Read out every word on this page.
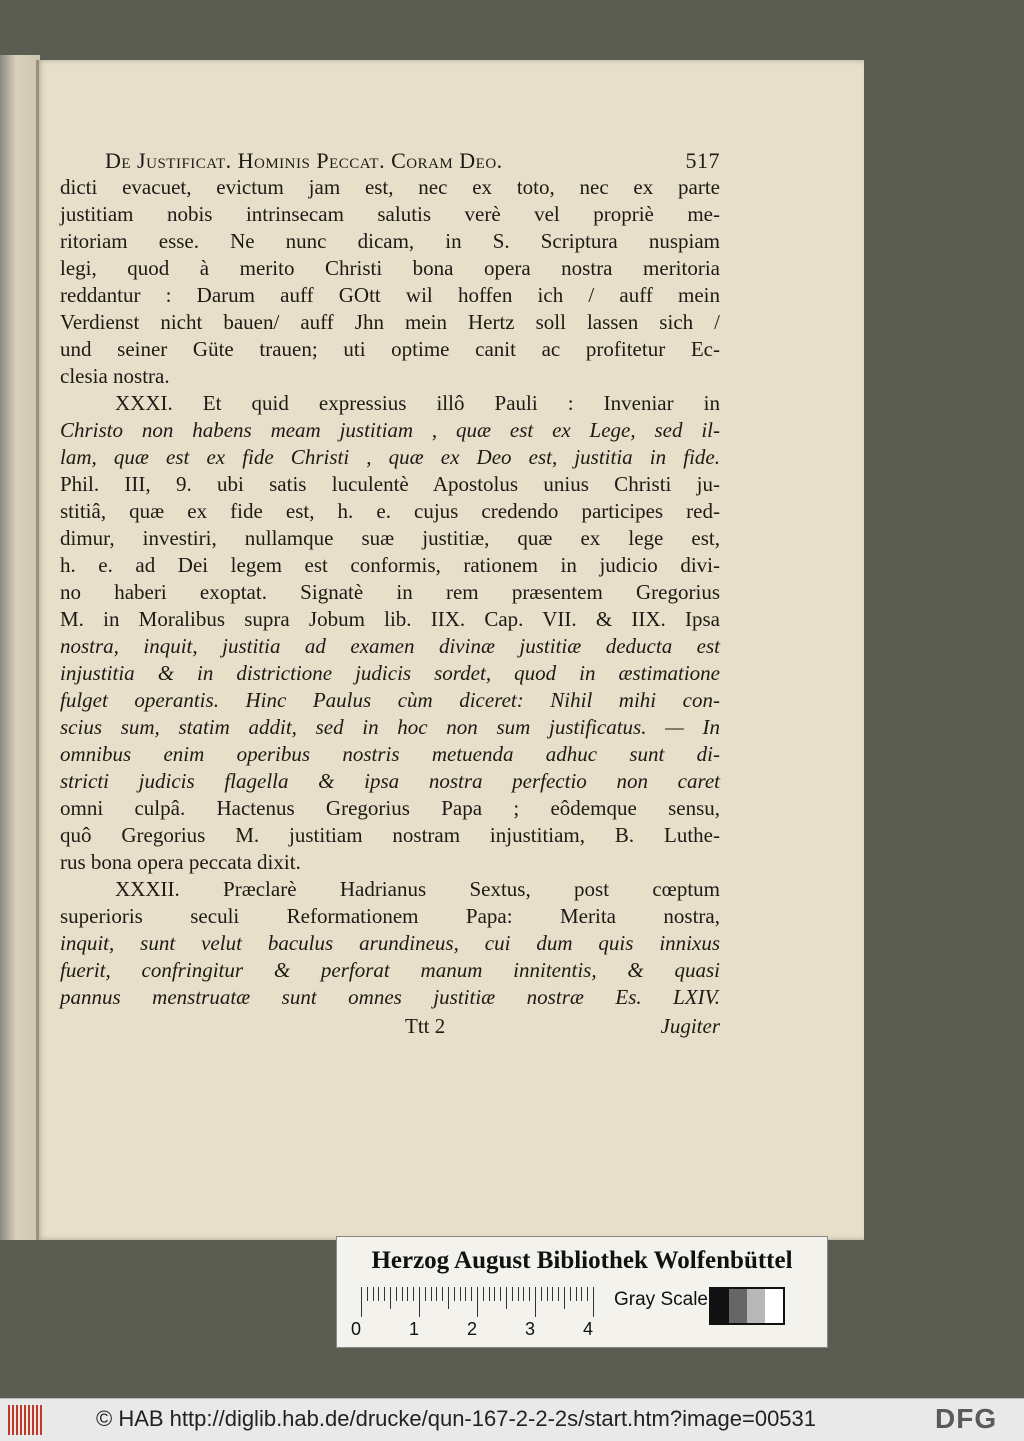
De Justificat. Hominis Peccat. Coram Deo.	517
dicti evacuet, evictum jam est, nec ex toto, nec ex parte
justitiam nobis intrinsecam salutis verè vel propriè me-
ritoriam esse. Ne nunc dicam, in S. Scriptura nuspiam
legi, quod à merito Christi bona opera nostra meritoria
reddantur : Darum auff GOtt wil hoffen ich / auff mein
Verdienst nicht bauen/ auff Jhn mein Hertz soll lassen sich /
und seiner Güte trauen; uti optime canit ac profitetur Ec-
clesia nostra.
XXXI. Et quid expressius illô Pauli : Inveniar in
Christo non habens meam justitiam , quæ est ex Lege, sed il-
lam, quæ est ex fide Christi , quæ ex Deo est, justitia in fide.
Phil. III, 9. ubi satis luculentè Apostolus unius Christi ju-
stitiâ, quæ ex fide est, h. e. cujus credendo participes red-
dimur, investiri, nullamque suæ justitiæ, quæ ex lege est,
h. e. ad Dei legem est conformis, rationem in judicio divi-
no haberi exoptat. Signatè in rem præsentem Gregorius
M. in Moralibus supra Jobum lib. IIX. Cap. VII. & IIX. Ipsa
nostra, inquit, justitia ad examen divinæ justitiæ deducta est
injustitia & in districtione judicis sordet, quod in æstimatione
fulget operantis. Hinc Paulus cùm diceret: Nihil mihi con-
scius sum, statim addit, sed in hoc non sum justificatus. — In
omnibus enim operibus nostris metuenda adhuc sunt di-
stricti judicis flagella & ipsa nostra perfectio non caret
omni culpâ. Hactenus Gregorius Papa ; eôdemque sensu,
quô Gregorius M. justitiam nostram injustitiam, B. Luthe-
rus bona opera peccata dixit.
XXXII. Præclarè Hadrianus Sextus, post cœptum
superioris seculi Reformationem Papa: Merita nostra,
inquit, sunt velut baculus arundineus, cui dum quis innixus
fuerit, confringitur & perforat manum innitentis, & quasi
pannus menstruatæ sunt omnes justitiæ nostræ Es. LXIV.
Ttt 2	Jugiter
Herzog August Bibliothek Wolfenbüttel
0	1	2	3	4
Gray Scale
© HAB http://diglib.hab.de/drucke/qun-167-2-2-2s/start.htm?image=00531	DFG
